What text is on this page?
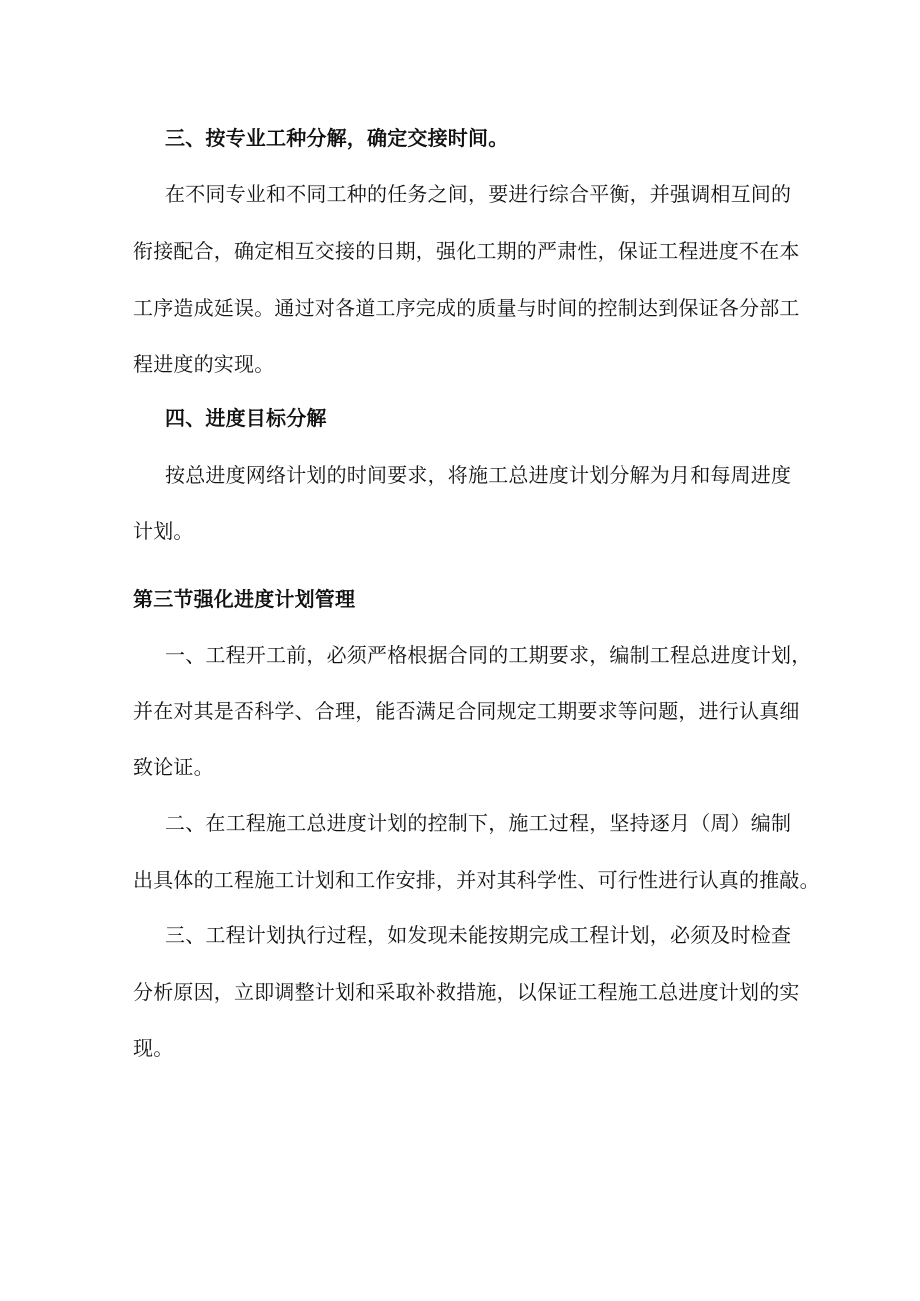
三、按专业工种分解，确定交接时间。
在不同专业和不同工种的任务之间，要进行综合平衡，并强调相互间的
衔接配合，确定相互交接的日期，强化工期的严肃性，保证工程进度不在本
工序造成延误。通过对各道工序完成的质量与时间的控制达到保证各分部工
程进度的实现。
四、进度目标分解
按总进度网络计划的时间要求，将施工总进度计划分解为月和每周进度
计划。
第三节强化进度计划管理
一、工程开工前，必须严格根据合同的工期要求，编制工程总进度计划，
并在对其是否科学、合理，能否满足合同规定工期要求等问题，进行认真细
致论证。
二、在工程施工总进度计划的控制下，施工过程，坚持逐月（周）编制
出具体的工程施工计划和工作安排，并对其科学性、可行性进行认真的推敲。
三、工程计划执行过程，如发现未能按期完成工程计划，必须及时检查
分析原因，立即调整计划和采取补救措施，以保证工程施工总进度计划的实
现。
